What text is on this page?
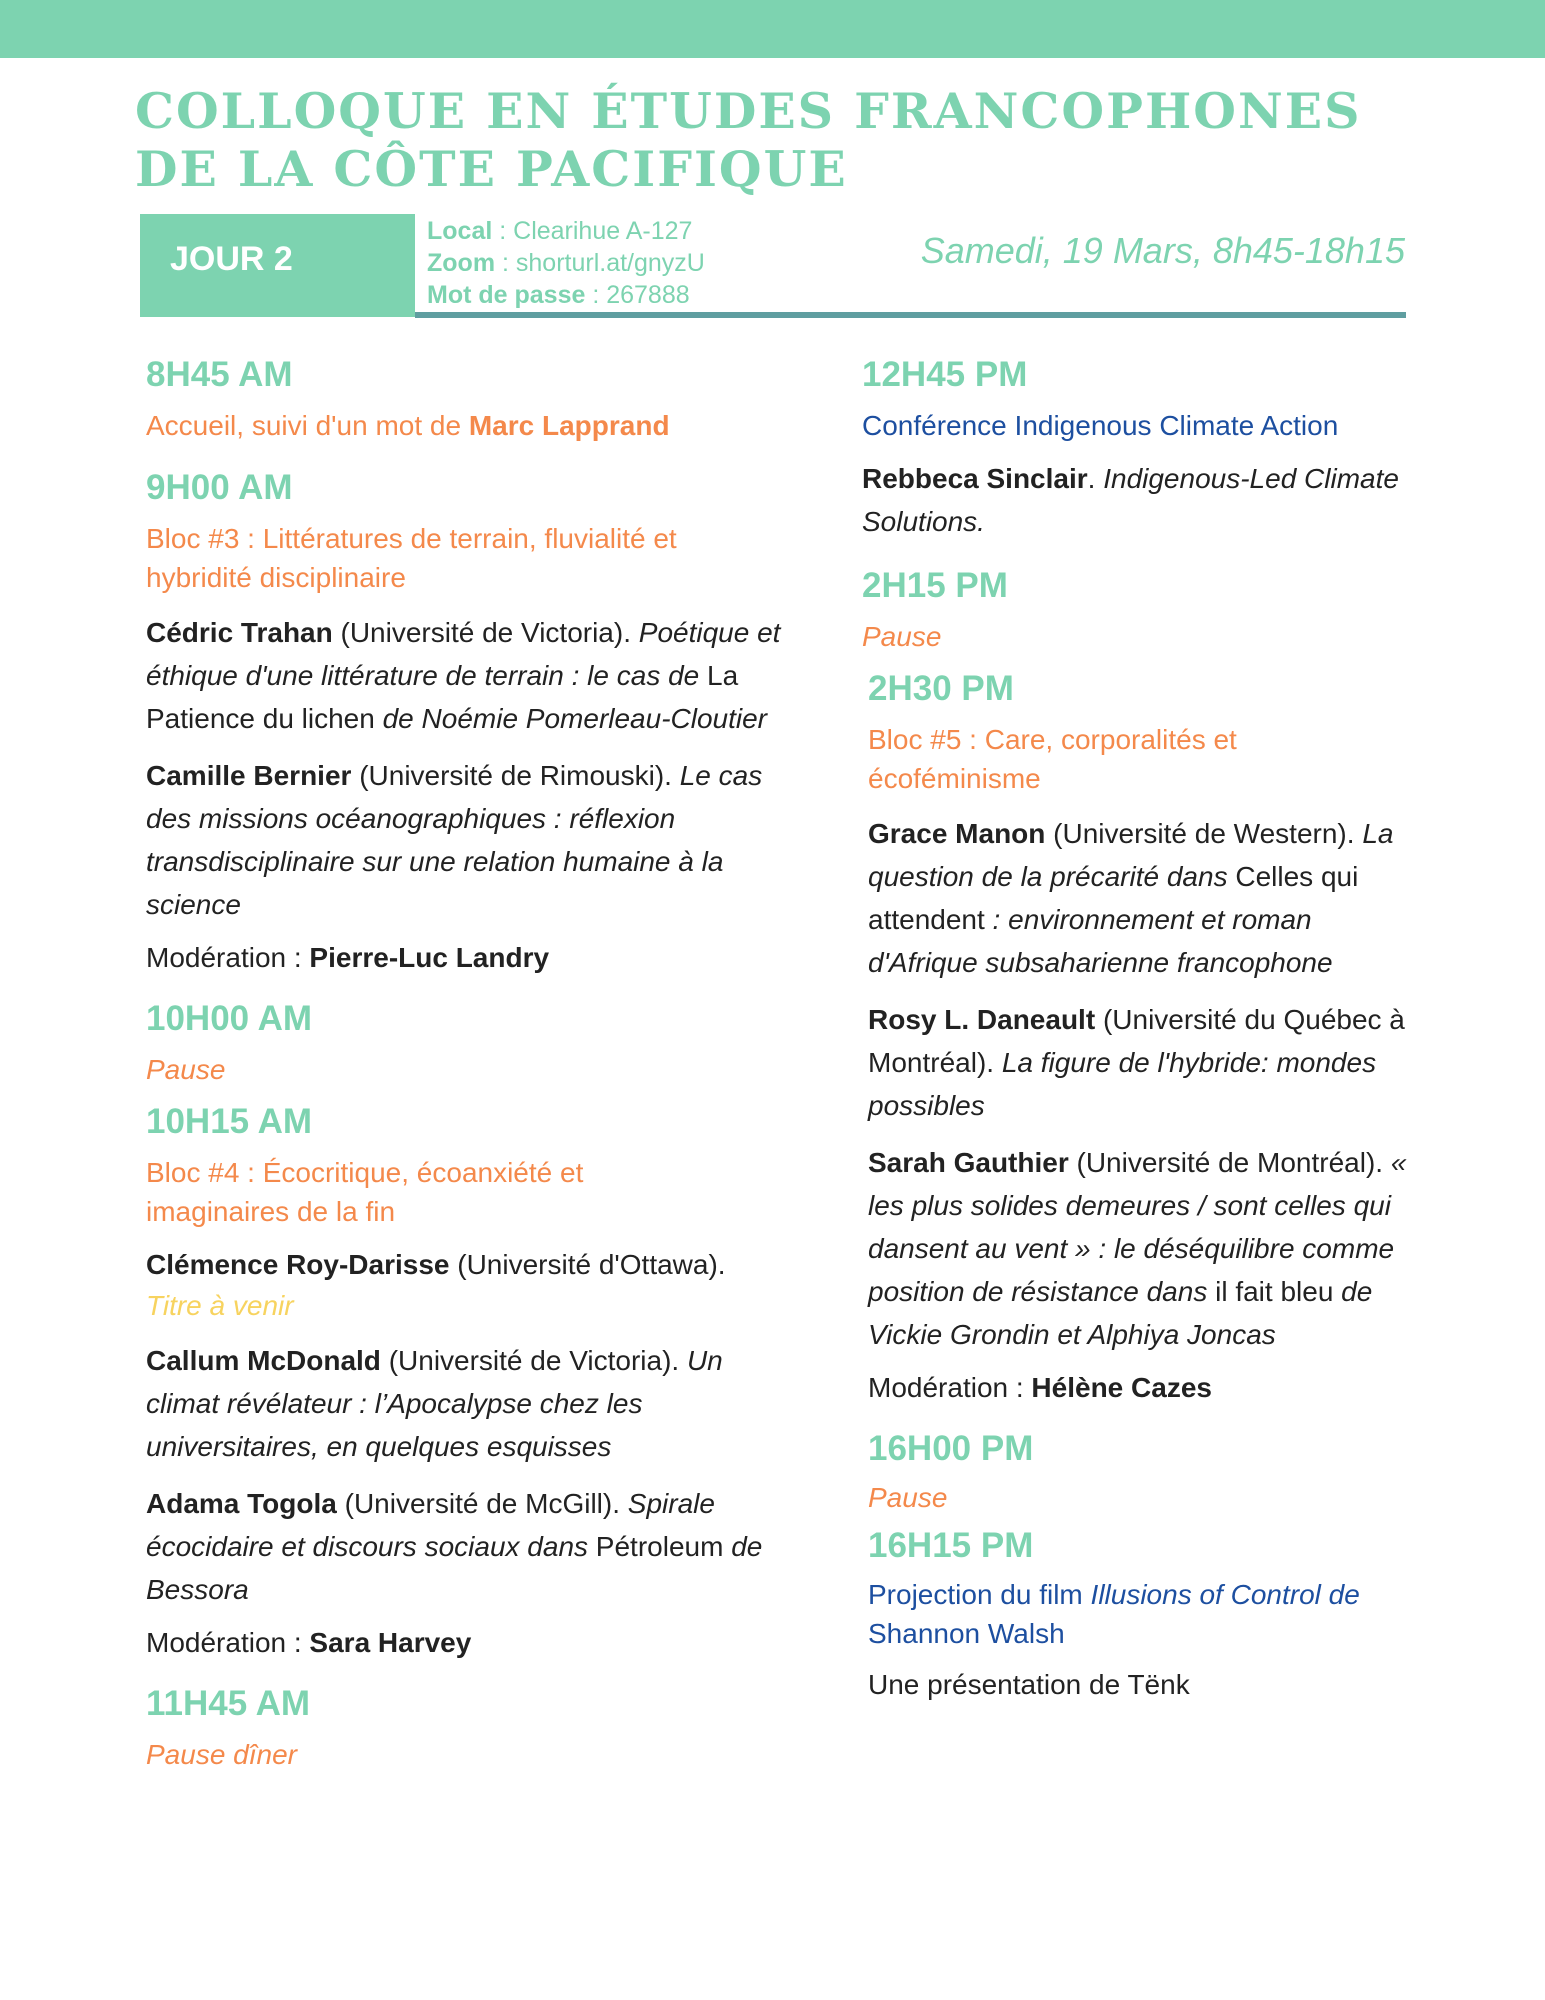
COLLOQUE EN ÉTUDES FRANCOPHONES
DE LA CÔTE PACIFIQUE
JOUR 2
Local : Clearihue A-127
Zoom : shorturl.at/gnyzU
Mot de passe : 267888
Samedi, 19 Mars, 8h45-18h15
8H45 AM

Accueil, suivi d'un mot de Marc Lapprand

9H00 AM

Bloc #3 : Littératures de terrain, fluvialité et hybridité disciplinaire

Cédric Trahan (Université de Victoria). Poétique et éthique d'une littérature de terrain : le cas de La Patience du lichen de Noémie Pomerleau-Cloutier

Camille Bernier (Université de Rimouski). Le cas des missions océanographiques : réflexion transdisciplinaire sur une relation humaine à la science

Modération : Pierre-Luc Landry

10H00 AM

Pause

10H15 AM

Bloc #4 : Écocritique, écoanxiété et imaginaires de la fin

Clémence Roy-Darisse (Université d'Ottawa).

Titre à venir

Callum McDonald (Université de Victoria). Un climat révélateur : l’Apocalypse chez les universitaires, en quelques esquisses

Adama Togola (Université de McGill). Spirale écocidaire et discours sociaux dans Pétroleum de Bessora

Modération : Sara Harvey

11H45 AM

Pause dîner

12H45 PM

Conférence Indigenous Climate Action

Rebbeca Sinclair. Indigenous-Led Climate Solutions.

2H15 PM

Pause

2H30 PM

Bloc #5 : Care, corporalités et écoféminisme

Grace Manon (Université de Western). La question de la précarité dans Celles qui attendent : environnement et roman d'Afrique subsaharienne francophone

Rosy L. Daneault (Université du Québec à Montréal). La figure de l'hybride: mondes possibles

Sarah Gauthier (Université de Montréal). « les plus solides demeures / sont celles qui dansent au vent » : le déséquilibre comme position de résistance dans il fait bleu de Vickie Grondin et Alphiya Joncas

Modération : Hélène Cazes

16H00 PM

Pause

16H15 PM

Projection du film Illusions of Control de Shannon Walsh

Une présentation de Tënk
